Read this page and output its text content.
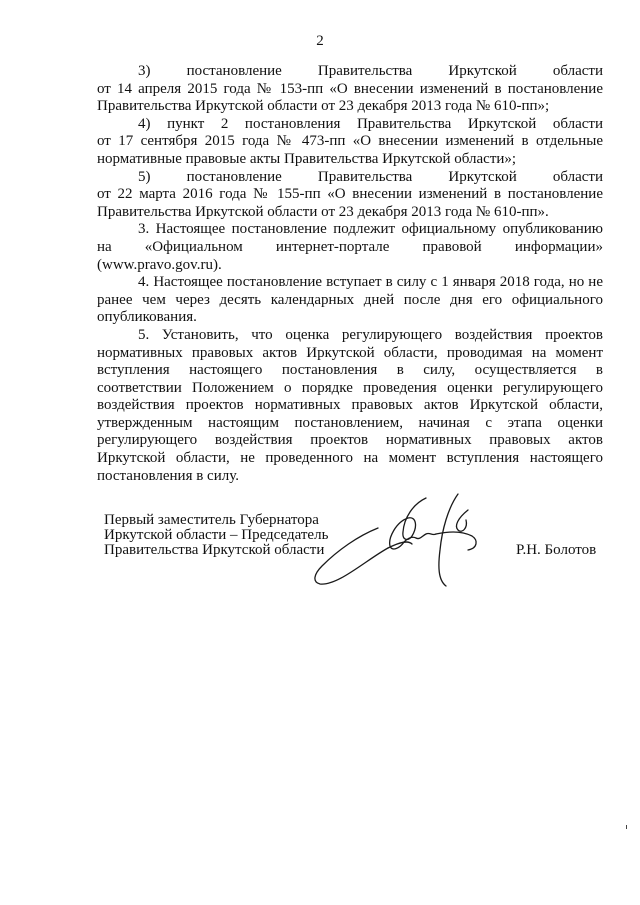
2
3) постановление Правительства Иркутской области
от 14 апреля 2015 года № 153-пп «О внесении изменений в постановление
Правительства Иркутской области от 23 декабря 2013 года № 610-пп»;
4) пункт 2 постановления Правительства Иркутской области
от 17 сентября 2015 года № 473-пп «О внесении изменений в отдельные
нормативные правовые акты Правительства Иркутской области»;
5) постановление Правительства Иркутской области
от 22 марта 2016 года № 155-пп «О внесении изменений в постановление
Правительства Иркутской области от 23 декабря 2013 года № 610-пп».
3. Настоящее постановление подлежит официальному опубликованию
на «Официальном интернет-портале правовой информации»
(www.pravo.gov.ru).
4. Настоящее постановление вступает в силу с 1 января 2018 года, но не
ранее чем через десять календарных дней после дня его официального
опубликования.
5. Установить, что оценка регулирующего воздействия проектов
нормативных правовых актов Иркутской области, проводимая на момент
вступления настоящего постановления в силу, осуществляется в
соответствии Положением о порядке проведения оценки регулирующего
воздействия проектов нормативных правовых актов Иркутской области,
утвержденным настоящим постановлением, начиная с этапа оценки
регулирующего воздействия проектов нормативных правовых актов
Иркутской области, не проведенного на момент вступления настоящего
постановления в силу.
Первый заместитель Губернатора
Иркутской области – Председатель
Правительства Иркутской области	Р.Н. Болотов
